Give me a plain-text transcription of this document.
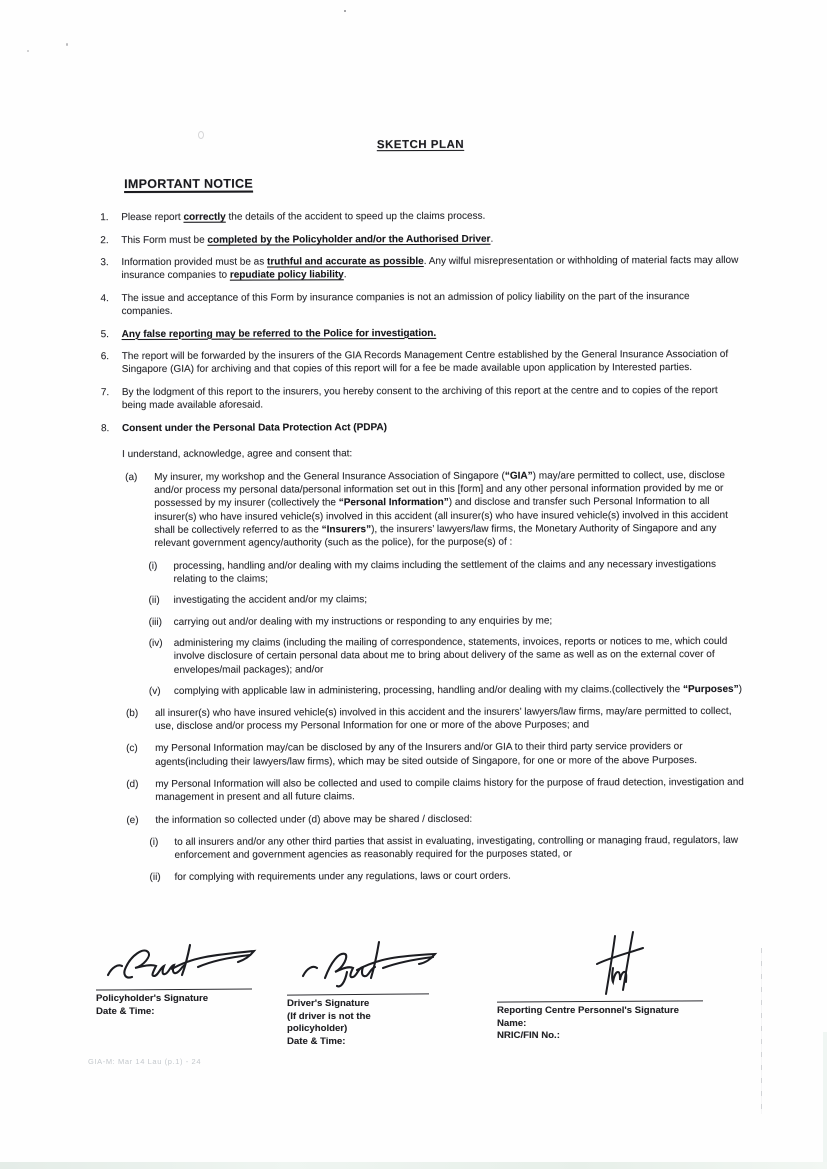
SKETCH PLAN
IMPORTANT NOTICE
1. Please report correctly the details of the accident to speed up the claims process.
2. This Form must be completed by the Policyholder and/or the Authorised Driver.
3. Information provided must be as truthful and accurate as possible. Any wilful misrepresentation or withholding of material facts may allow insurance companies to repudiate policy liability.
4. The issue and acceptance of this Form by insurance companies is not an admission of policy liability on the part of the insurance companies.
5. Any false reporting may be referred to the Police for investigation.
6. The report will be forwarded by the insurers of the GIA Records Management Centre established by the General Insurance Association of Singapore (GIA) for archiving and that copies of this report will for a fee be made available upon application by Interested parties.
7. By the lodgment of this report to the insurers, you hereby consent to the archiving of this report at the centre and to copies of the report being made available aforesaid.
8. Consent under the Personal Data Protection Act (PDPA)
I understand, acknowledge, agree and consent that:
(a) My insurer, my workshop and the General Insurance Association of Singapore (“GIA”) may/are permitted to collect, use, disclose and/or process my personal data/personal information set out in this [form] and any other personal information provided by me or possessed by my insurer (collectively the “Personal Information”) and disclose and transfer such Personal Information to all insurer(s) who have insured vehicle(s) involved in this accident (all insurer(s) who have insured vehicle(s) involved in this accident shall be collectively referred to as the “Insurers”), the insurers’ lawyers/law firms, the Monetary Authority of Singapore and any relevant government agency/authority (such as the police), for the purpose(s) of :
(i) processing, handling and/or dealing with my claims including the settlement of the claims and any necessary investigations relating to the claims;
(ii) investigating the accident and/or my claims;
(iii) carrying out and/or dealing with my instructions or responding to any enquiries by me;
(iv) administering my claims (including the mailing of correspondence, statements, invoices, reports or notices to me, which could involve disclosure of certain personal data about me to bring about delivery of the same as well as on the external cover of envelopes/mail packages); and/or
(v) complying with applicable law in administering, processing, handling and/or dealing with my claims.(collectively the “Purposes”)
(b) all insurer(s) who have insured vehicle(s) involved in this accident and the insurers’ lawyers/law firms, may/are permitted to collect, use, disclose and/or process my Personal Information for one or more of the above Purposes; and
(c) my Personal Information may/can be disclosed by any of the Insurers and/or GIA to their third party service providers or agents(including their lawyers/law firms), which may be sited outside of Singapore, for one or more of the above Purposes.
(d) my Personal Information will also be collected and used to compile claims history for the purpose of fraud detection, investigation and management in present and all future claims.
(e) the information so collected under (d) above may be shared / disclosed:
(i) to all insurers and/or any other third parties that assist in evaluating, investigating, controlling or managing fraud, regulators, law enforcement and government agencies as reasonably required for the purposes stated, or
(ii) for complying with requirements under any regulations, laws or court orders.
Policyholder's Signature
Date & Time:
Driver's Signature
(If driver is not the policyholder)
Date & Time:
Reporting Centre Personnel's Signature
Name:
NRIC/FIN No.:
GIA-M: Mar 14 Lau (p.1) - 24
